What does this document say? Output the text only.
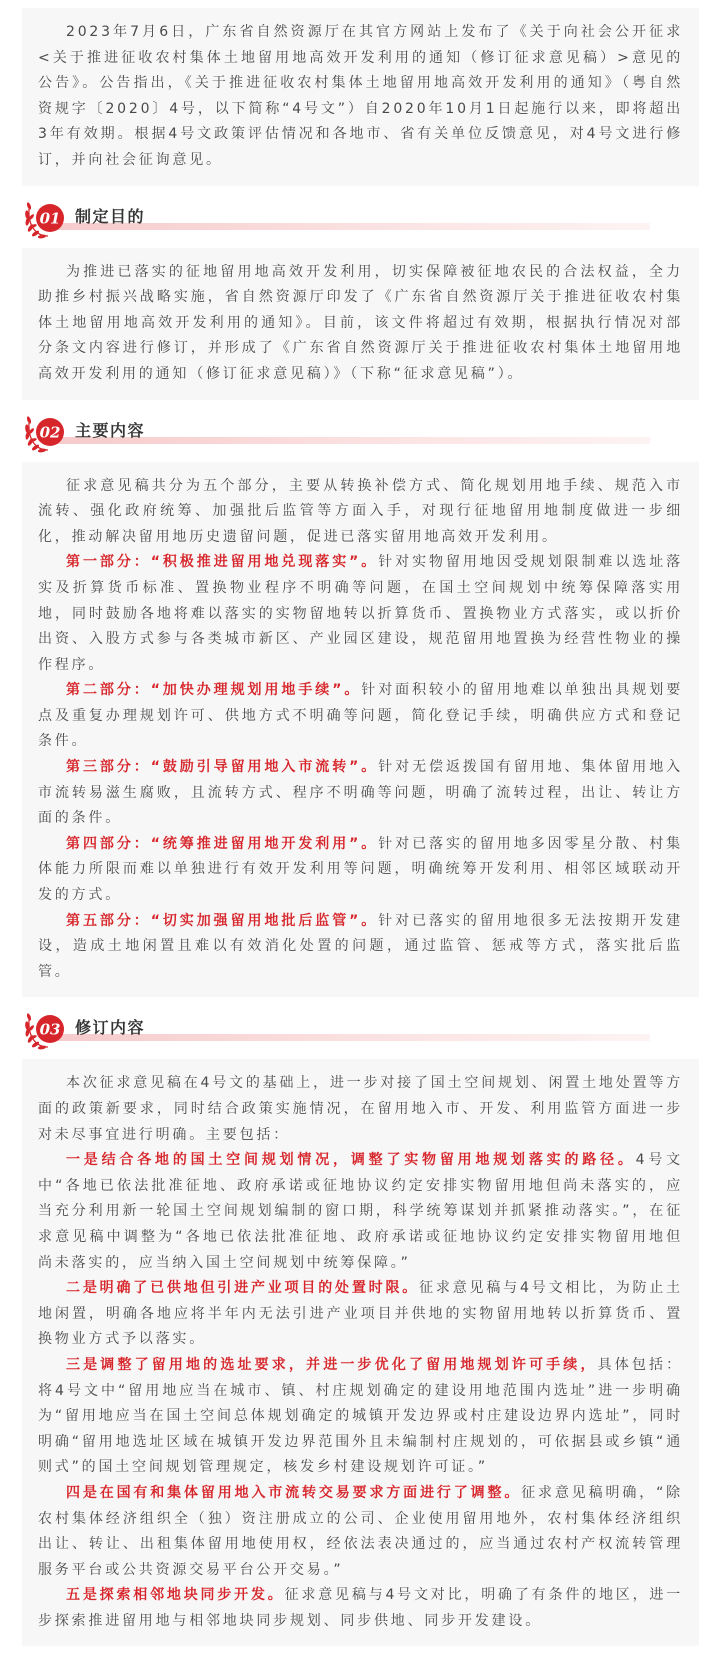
2023年7月6日，广东省自然资源厅在其官方网站上发布了《关于向社会公开征求<关于推进征收农村集体土地留用地高效开发利用的通知（修订征求意见稿）>意见的公告》。公告指出，《关于推进征收农村集体土地留用地高效开发利用的通知》（粤自然资规字〔2020〕4号，以下简称“4号文”）自2020年10月1日起施行以来，即将超出3年有效期。根据4号文政策评估情况和各地市、省有关单位反馈意见，对4号文进行修订，并向社会征询意见。

01 制定目的

为推进已落实的征地留用地高效开发利用，切实保障被征地农民的合法权益，全力助推乡村振兴战略实施，省自然资源厅印发了《广东省自然资源厅关于推进征收农村集体土地留用地高效开发利用的通知》。目前，该文件将超过有效期，根据执行情况对部分条文内容进行修订，并形成了《广东省自然资源厅关于推进征收农村集体土地留用地高效开发利用的通知（修订征求意见稿）》（下称“征求意见稿”）。

02 主要内容

征求意见稿共分为五个部分，主要从转换补偿方式、简化规划用地手续、规范入市流转、强化政府统筹、加强批后监管等方面入手，对现行征地留用地制度做进一步细化，推动解决留用地历史遗留问题，促进已落实留用地高效开发利用。

第一部分：“积极推进留用地兑现落实”。针对实物留用地因受规划限制难以选址落实及折算货币标准、置换物业程序不明确等问题，在国土空间规划中统筹保障落实用地，同时鼓励各地将难以落实的实物留地转以折算货币、置换物业方式落实，或以折价出资、入股方式参与各类城市新区、产业园区建设，规范留用地置换为经营性物业的操作程序。

第二部分：“加快办理规划用地手续”。针对面积较小的留用地难以单独出具规划要点及重复办理规划许可、供地方式不明确等问题，简化登记手续，明确供应方式和登记条件。

第三部分：“鼓励引导留用地入市流转”。针对无偿返拨国有留用地、集体留用地入市流转易滋生腐败，且流转方式、程序不明确等问题，明确了流转过程，出让、转让方面的条件。

第四部分：“统筹推进留用地开发利用”。针对已落实的留用地多因零星分散、村集体能力所限而难以单独进行有效开发利用等问题，明确统筹开发利用、相邻区域联动开发的方式。

第五部分：“切实加强留用地批后监管”。针对已落实的留用地很多无法按期开发建设，造成土地闲置且难以有效消化处置的问题，通过监管、惩戒等方式，落实批后监管。

03 修订内容

本次征求意见稿在4号文的基础上，进一步对接了国土空间规划、闲置土地处置等方面的政策新要求，同时结合政策实施情况，在留用地入市、开发、利用监管方面进一步对未尽事宜进行明确。主要包括：

一是结合各地的国土空间规划情况，调整了实物留用地规划落实的路径。4号文中“各地已依法批准征地、政府承诺或征地协议约定安排实物留用地但尚未落实的，应当充分利用新一轮国土空间规划编制的窗口期，科学统筹谋划并抓紧推动落实。”，在征求意见稿中调整为“各地已依法批准征地、政府承诺或征地协议约定安排实物留用地但尚未落实的，应当纳入国土空间规划中统筹保障。”

二是明确了已供地但引进产业项目的处置时限。征求意见稿与4号文相比，为防止土地闲置，明确各地应将半年内无法引进产业项目并供地的实物留用地转以折算货币、置换物业方式予以落实。

三是调整了留用地的选址要求，并进一步优化了留用地规划许可手续，具体包括：将4号文中“留用地应当在城市、镇、村庄规划确定的建设用地范围内选址”进一步明确为“留用地应当在国土空间总体规划确定的城镇开发边界或村庄建设边界内选址”，同时明确“留用地选址区域在城镇开发边界范围外且未编制村庄规划的，可依据县或乡镇“通则式”的国土空间规划管理规定，核发乡村建设规划许可证。”

四是在国有和集体留用地入市流转交易要求方面进行了调整。征求意见稿明确，“除农村集体经济组织全（独）资注册成立的公司、企业使用留用地外，农村集体经济组织出让、转让、出租集体留用地使用权，经依法表决通过的，应当通过农村产权流转管理服务平台或公共资源交易平台公开交易。”

五是探索相邻地块同步开发。征求意见稿与4号文对比，明确了有条件的地区，进一步探索推进留用地与相邻地块同步规划、同步供地、同步开发建设。
